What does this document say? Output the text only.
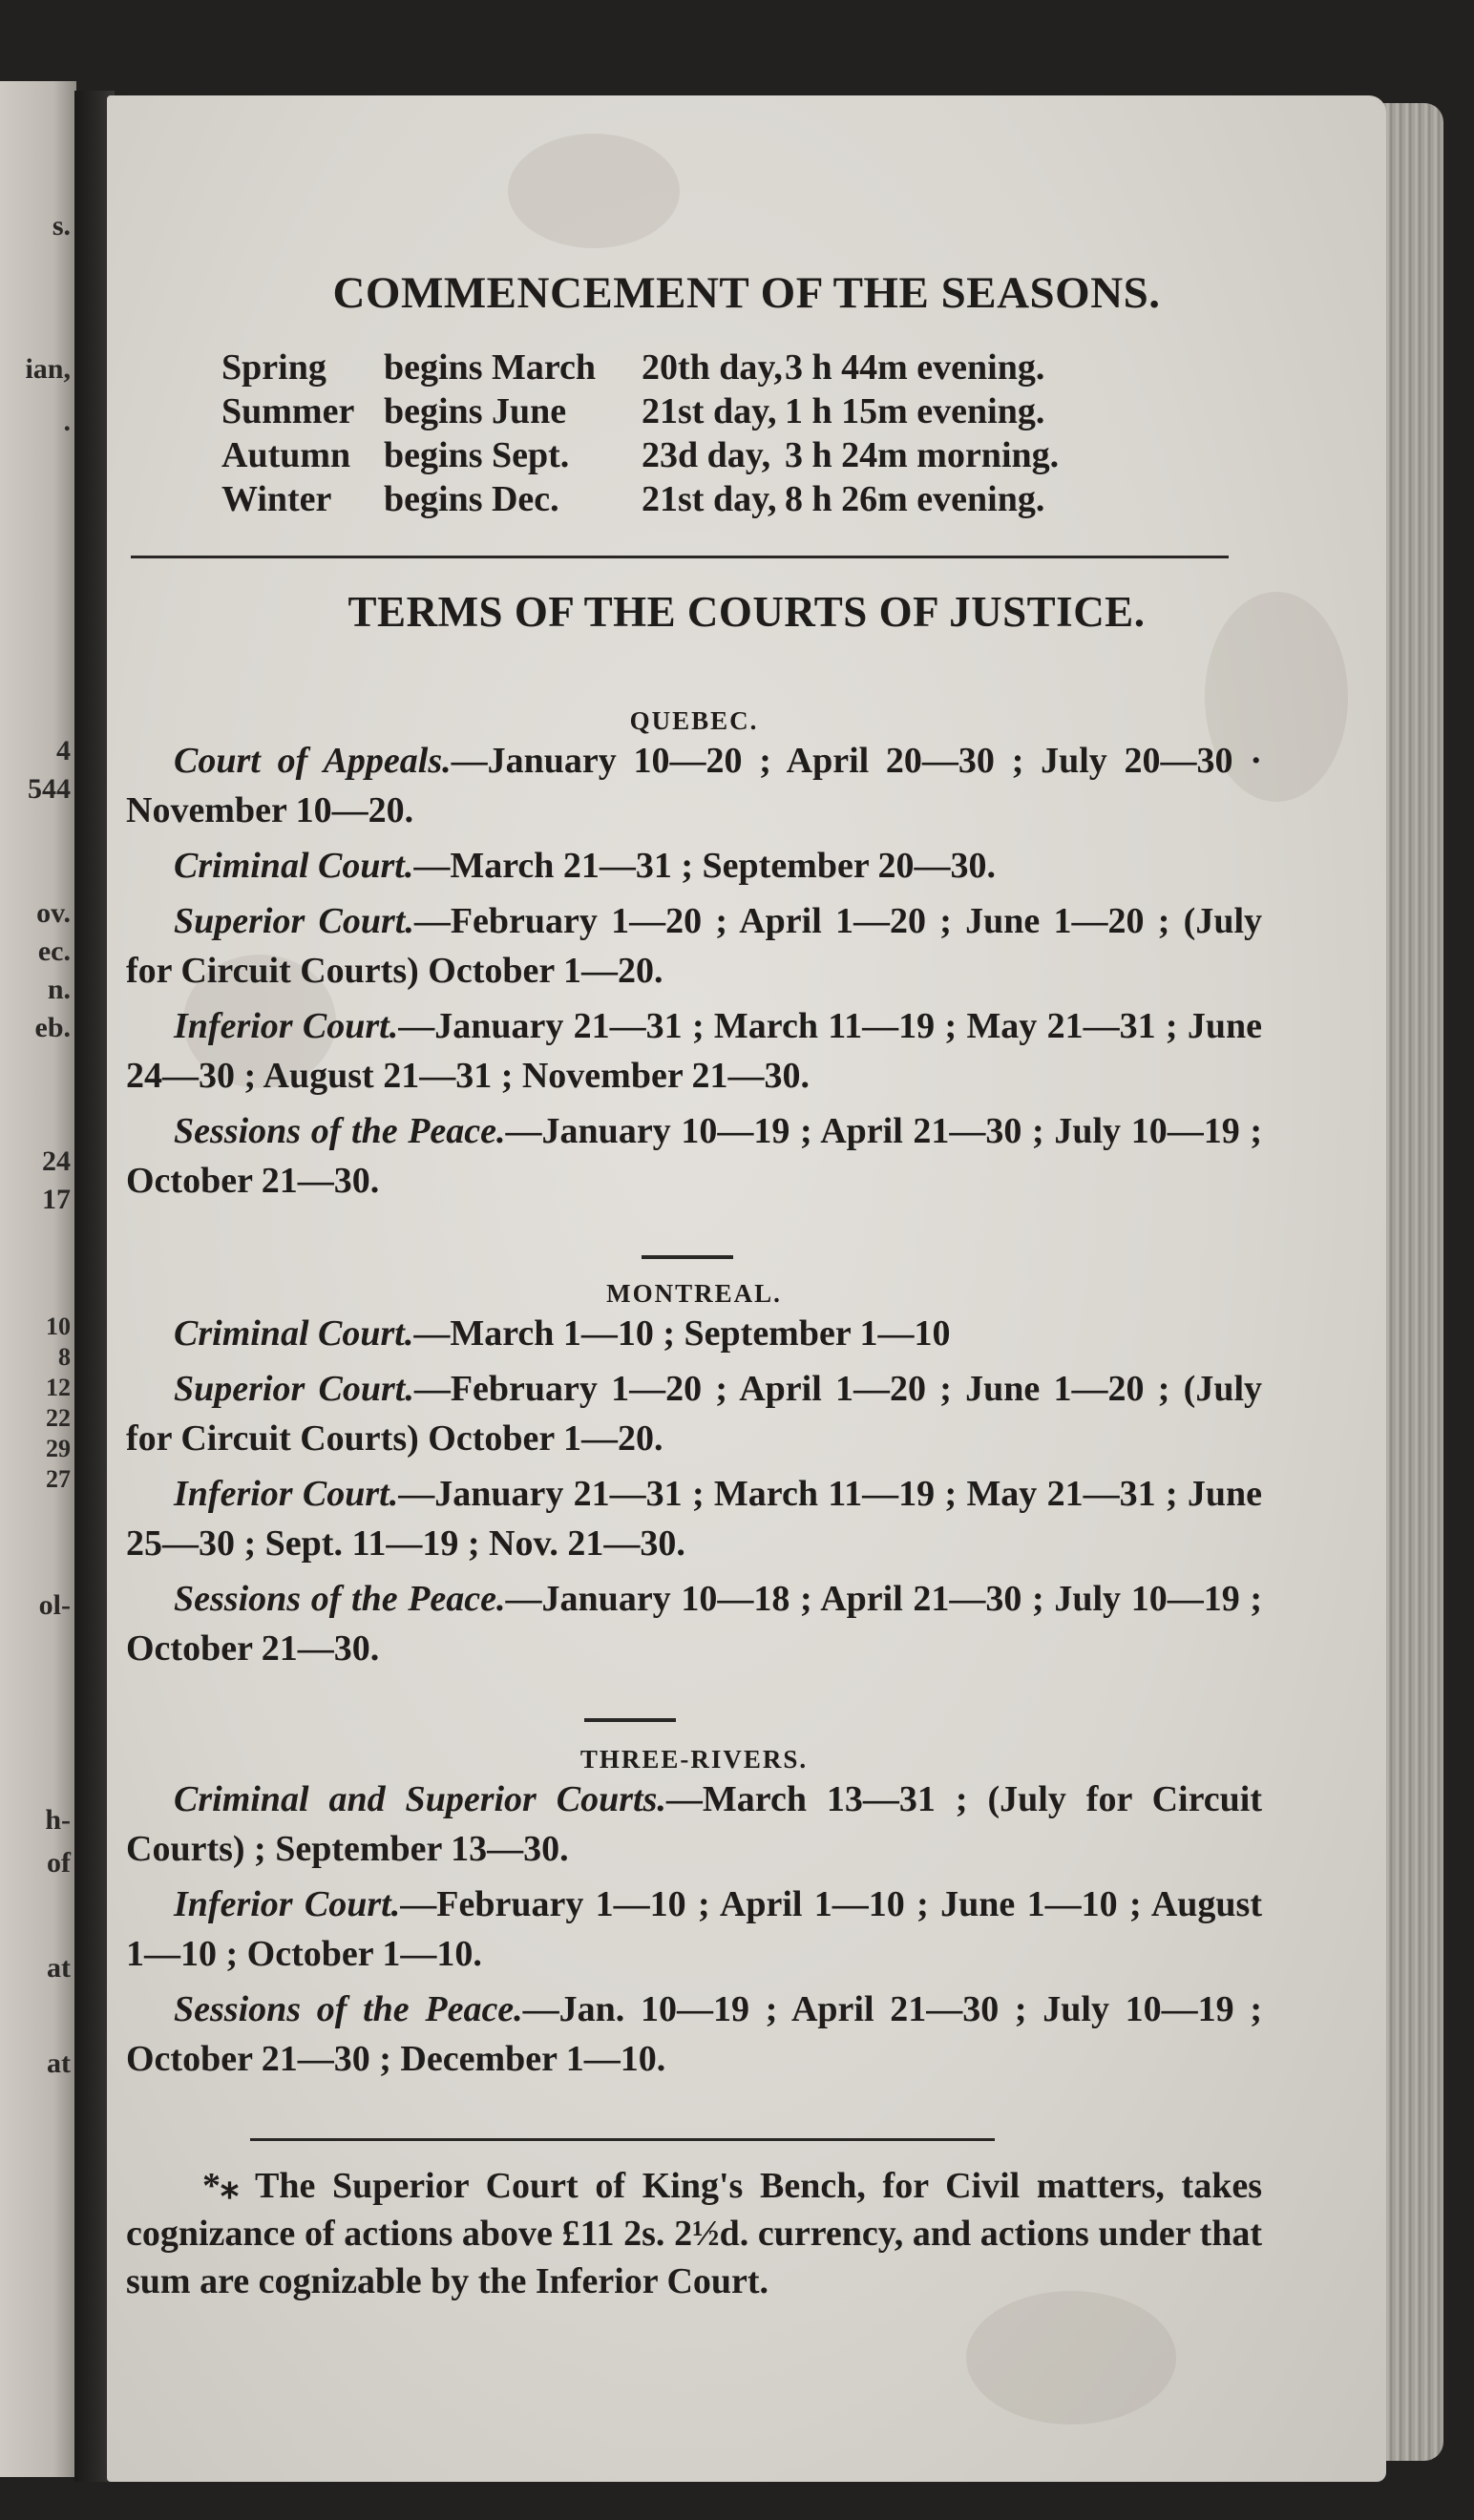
s.
ian,
.
4
544
ov.
ec.
n.
eb.
24
17
10
8
12
22
29
27
ol-
h-
of
at
at
COMMENCEMENT OF THE SEASONS.
Spring	begins March	20th day, 3 h 44m evening.
Summer begins June	21st day, 1 h 15m evening.
Autumn begins Sept.	23d day, 3 h 24m morning.
Winter	begins Dec.	21st day, 8 h 26m evening.
TERMS OF THE COURTS OF JUSTICE.
QUEBEC.

Court of Appeals.—January 10—20 ; April 20—30 ; July 20—30 · November 10—20.

Criminal Court.—March 21—31 ; September 20—30.

Superior Court.—February 1—20 ; April 1—20 ; June 1—20 ; (July for Circuit Courts) October 1—20.

Inferior Court.—January 21—31 ; March 11—19 ; May 21—31 ; June 24—30 ; August 21—31 ; November 21—30.

Sessions of the Peace.—January 10—19 ; April 21—30 ; July 10—19 ; October 21—30.

MONTREAL.

Criminal Court.—March 1—10 ; September 1—10

Superior Court.—February 1—20 ; April 1—20 ; June 1—20 ; (July for Circuit Courts) October 1—20.

Inferior Court.—January 21—31 ; March 11—19 ; May 21—31 ; June 25—30 ; Sept. 11—19 ; Nov. 21—30.

Sessions of the Peace.—January 10—18 ; April 21—30 ; July 10—19 ; October 21—30.

THREE-RIVERS.

Criminal and Superior Courts.—March 13—31 ; (July for Circuit Courts) ; September 13—30.

Inferior Court.—February 1—10 ; April 1—10 ; June 1—10 ; August 1—10 ; October 1—10.

Sessions of the Peace.—Jan. 10—19 ; April 21—30 ; July 10—19 ; October 21—30 ; December 1—10.

*⁎ The Superior Court of King's Bench, for Civil matters, takes cognizance of actions above £11 2s. 2½d. currency, and actions under that sum are cognizable by the Inferior Court.
